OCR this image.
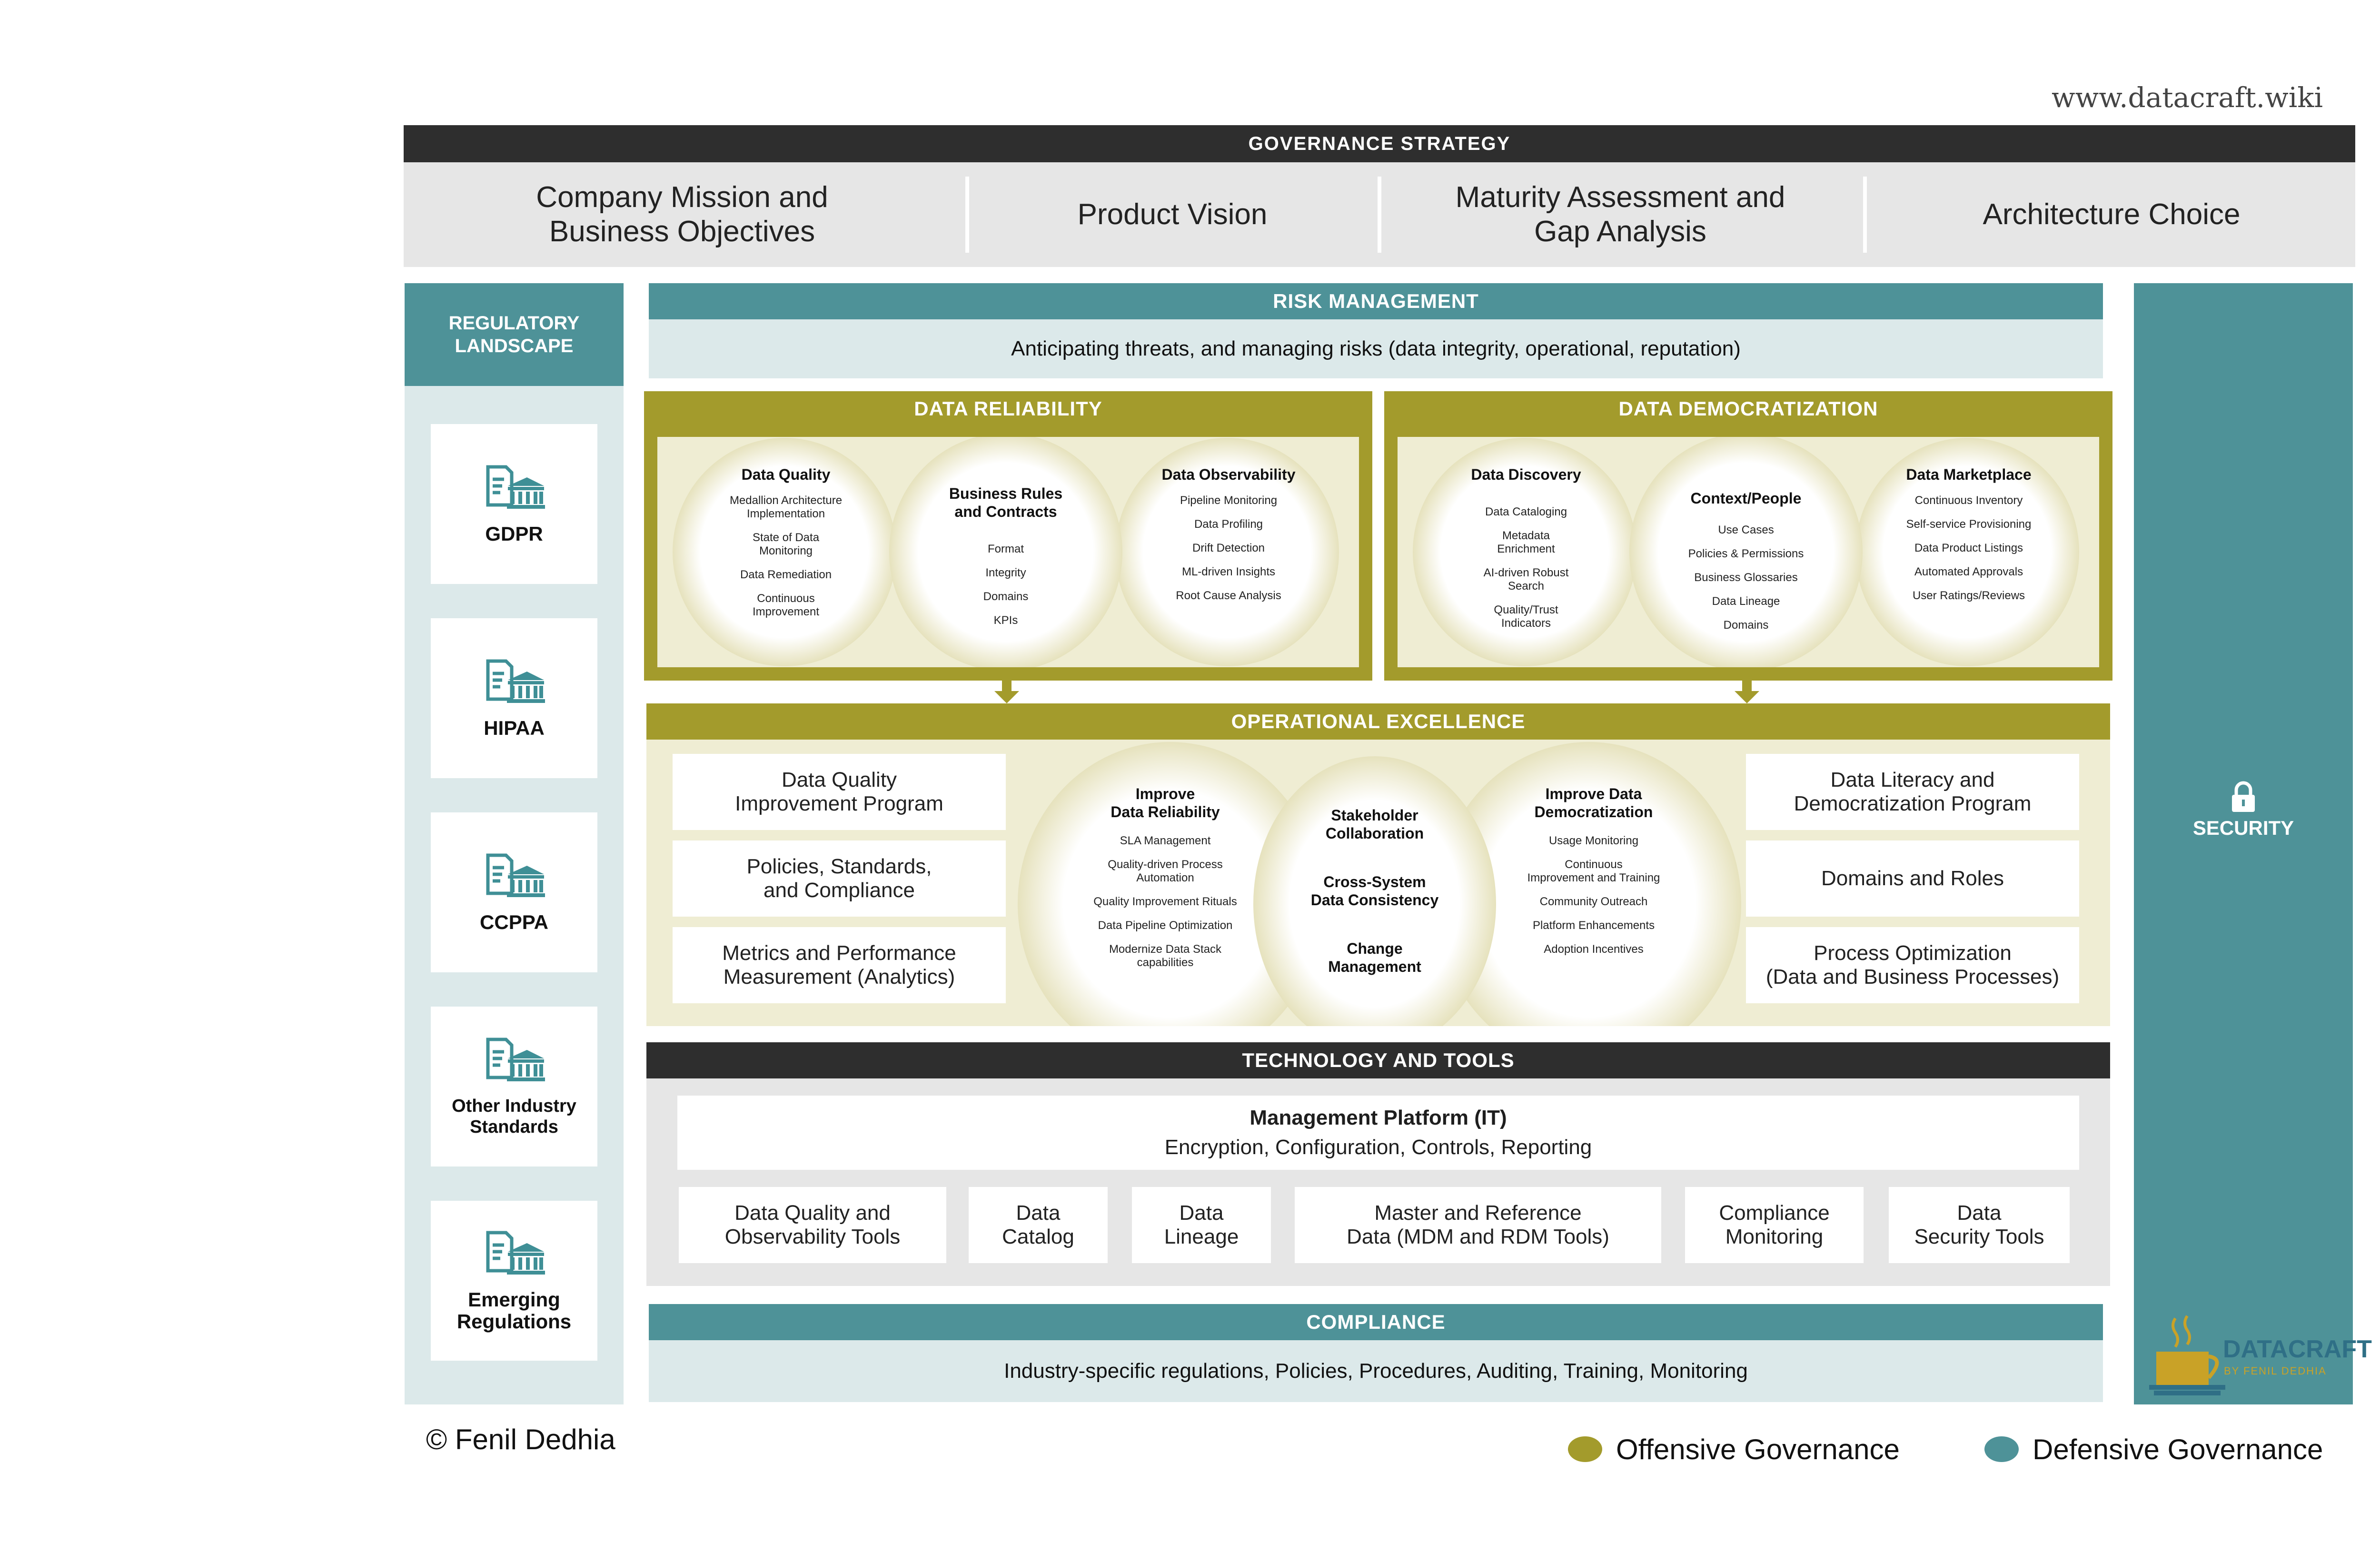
www.datacraft.wiki
GOVERNANCE STRATEGY
Company Mission and
Business Objectives
Product Vision
Maturity Assessment and
Gap Analysis
Architecture Choice
REGULATORY
LANDSCAPE
GDPR
HIPAA
CCPPA
Other Industry
Standards
Emerging
Regulations
SECURITY
DATACRAFT
BY FENIL DEDHIA
RISK MANAGEMENT
Anticipating threats, and managing risks (data integrity, operational, reputation)
DATA RELIABILITY
Data Quality
Medallion Architecture
Implementation
State of Data
Monitoring
Data Remediation
Continuous
Improvement
Business Rules
and Contracts
Format
Integrity
Domains
KPIs
Data Observability
Pipeline Monitoring
Data Profiling
Drift Detection
ML-driven Insights
Root Cause Analysis
DATA DEMOCRATIZATION
Data Discovery
Data Cataloging
Metadata
Enrichment
AI-driven Robust
Search
Quality/Trust
Indicators
Context/People
Use Cases
Policies & Permissions
Business Glossaries
Data Lineage
Domains
Data Marketplace
Continuous Inventory
Self-service Provisioning
Data Product Listings
Automated Approvals
User Ratings/Reviews
OPERATIONAL EXCELLENCE
Data Quality
Improvement Program
Policies, Standards,
and Compliance
Metrics and Performance
Measurement (Analytics)
Data Literacy and
Democratization Program
Domains and Roles
Process Optimization
(Data and Business Processes)
Improve
Data Reliability
SLA Management
Quality-driven Process
Automation
Quality Improvement Rituals
Data Pipeline Optimization
Modernize Data Stack
capabilities
Stakeholder
Collaboration
Cross-System
Data Consistency
Change
Management
Improve Data
Democratization
Usage Monitoring
Continuous
Improvement and Training
Community Outreach
Platform Enhancements
Adoption Incentives
TECHNOLOGY AND TOOLS
Management Platform (IT)
Encryption, Configuration, Controls, Reporting
Data Quality and
Observability Tools
Data
Catalog
Data
Lineage
Master and Reference
Data (MDM and RDM Tools)
Compliance
Monitoring
Data
Security Tools
COMPLIANCE
Industry-specific regulations, Policies, Procedures, Auditing, Training, Monitoring
© Fenil Dedhia	Offensive Governance	Defensive Governance
